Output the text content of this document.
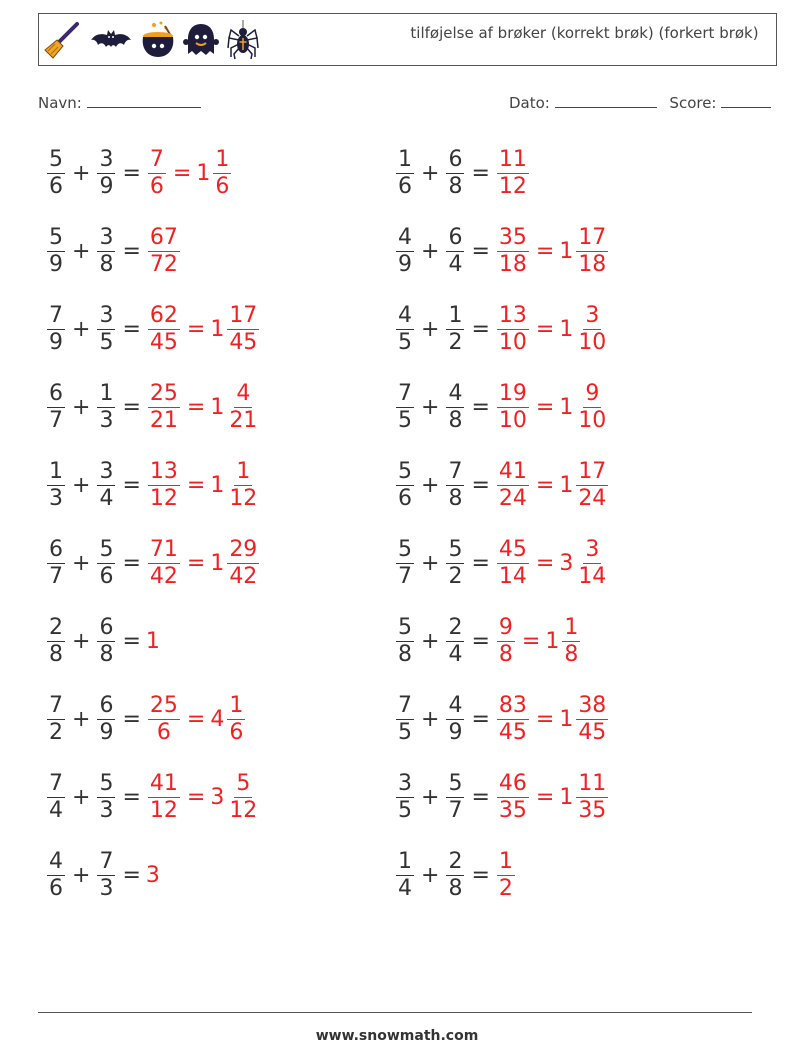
tilføjelse af brøker (korrekt brøk) (forkert brøk)
Navn:	Dato:	Score:
$\frac{5}{6} + \frac{3}{9} = \frac{7}{6} = 1 \frac{1}{6}$	$\frac{1}{6} + \frac{6}{8} = \frac{11}{12}$
$\frac{5}{9} + \frac{3}{8} = \frac{67}{72}$	$\frac{4}{9} + \frac{6}{4} = \frac{35}{18} = 1 \frac{17}{18}$
$\frac{7}{9} + \frac{3}{5} = \frac{62}{45} = 1 \frac{17}{45}$	$\frac{4}{5} + \frac{1}{2} = \frac{13}{10} = 1 \frac{3}{10}$
$\frac{6}{7} + \frac{1}{3} = \frac{25}{21} = 1 \frac{4}{21}$	$\frac{7}{5} + \frac{4}{8} = \frac{19}{10} = 1 \frac{9}{10}$
$\frac{1}{3} + \frac{3}{4} = \frac{13}{12} = 1 \frac{1}{12}$	$\frac{5}{6} + \frac{7}{8} = \frac{41}{24} = 1 \frac{17}{24}$
$\frac{6}{7} + \frac{5}{6} = \frac{71}{42} = 1 \frac{29}{42}$	$\frac{5}{7} + \frac{5}{2} = \frac{45}{14} = 3 \frac{3}{14}$
$\frac{2}{8} + \frac{6}{8} = 1$	$\frac{5}{8} + \frac{2}{4} = \frac{9}{8} = 1 \frac{1}{8}$
$\frac{7}{2} + \frac{6}{9} = \frac{25}{6} = 4 \frac{1}{6}$	$\frac{7}{5} + \frac{4}{9} = \frac{83}{45} = 1 \frac{38}{45}$
$\frac{7}{4} + \frac{5}{3} = \frac{41}{12} = 3 \frac{5}{12}$	$\frac{3}{5} + \frac{5}{7} = \frac{46}{35} = 1 \frac{11}{35}$
$\frac{4}{6} + \frac{7}{3} = 3$	$\frac{1}{4} + \frac{2}{8} = \frac{1}{2}$
www.snowmath.com
